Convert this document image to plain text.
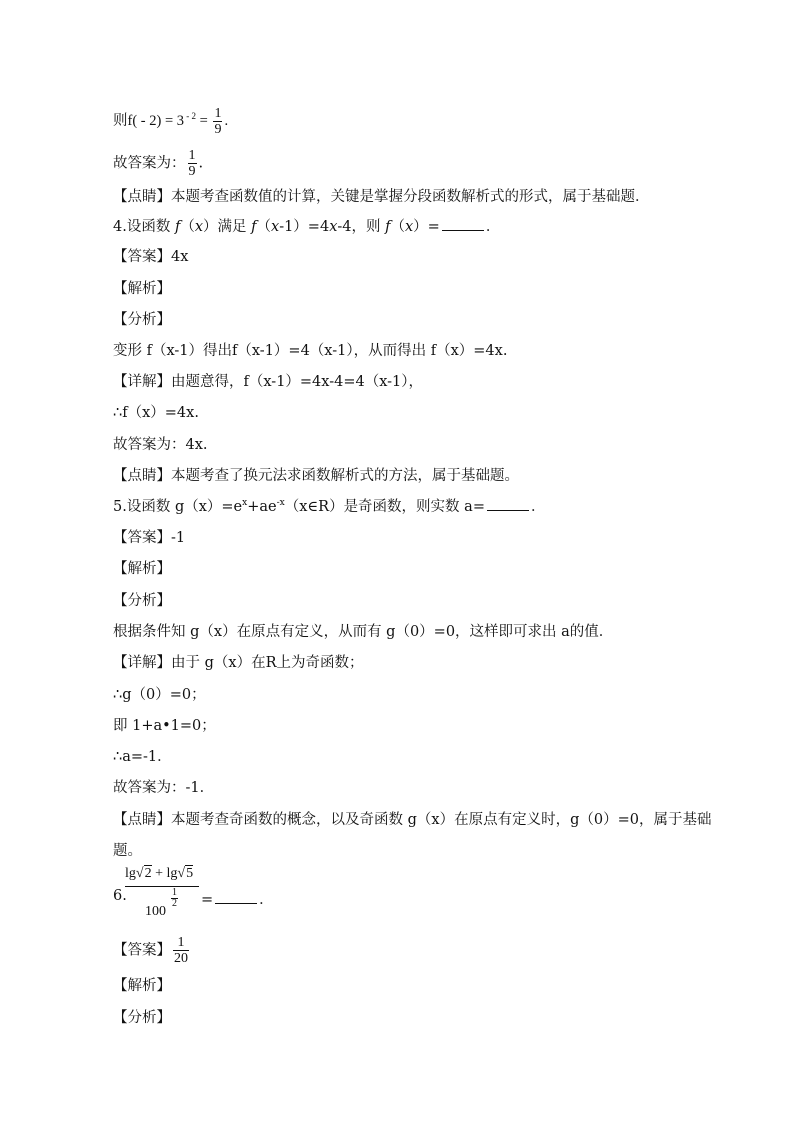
则f( - 2) = 3 $^{- 2} = \frac{1}{9}$ .
故答案为： $\frac{1}{9}$ .
【点睛】本题考查函数值的计算，关键是掌握分段函数解析式的形式，属于基础题．
4.设函数 f（x）满足 f（x-1）=4x-4，则 f（x）=	．
【答案】4x
【解析】
【分析】
变形 f（x-1）得出f（x-1）=4（x-1），从而得出 f（x）=4x.
【详解】由题意得，f（x-1）=4x-4=4（x-1），
∴f（x）=4x.
故答案为：4x.
【点睛】本题考查了换元法求函数解析式的方法，属于基础题。
5.设函数 $g(x)=e^x+ae^{-x}(x\in R)$是奇函数，则实数 a=	．
【答案】-1
【解析】
【分析】
根据条件知 g（x）在原点有定义，从而有 g（0）=0，这样即可求出 a的值．
【详解】由于 g（x）在R上为奇函数；
∴g（0）=0；
即 1+a•1=0；
∴a=-1．
故答案为：-1．
【点睛】本题考查奇函数的概念，以及奇函数 g（x）在原点有定义时，g（0）=0，属于基础
题。
6.
lg√2 + lg√5
100
$\frac{1}{2}$ =	．
【答案】 $\frac{1}{20}$
【解析】
【分析】
